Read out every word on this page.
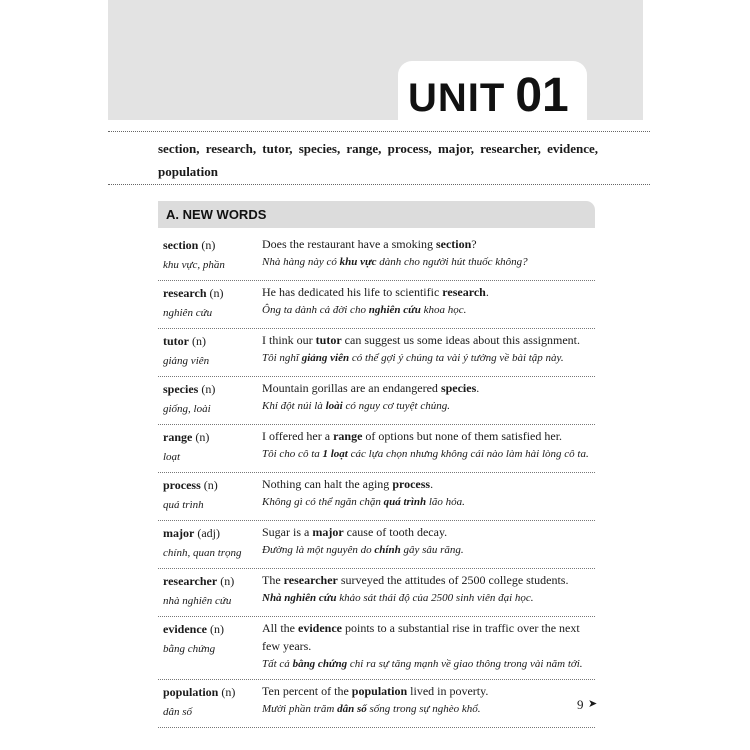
UNIT 01

section, research, tutor, species, range, process, major, researcher, evidence, population

A. NEW WORDS
section (n)
khu vực, phần
Does the restaurant have a smoking section?
Nhà hàng này có khu vực dành cho người hút thuốc không?
research (n)
nghiên cứu
He has dedicated his life to scientific research.
Ông ta dành cả đời cho nghiên cứu khoa học.
tutor (n)
giảng viên
I think our tutor can suggest us some ideas about this assignment.
Tôi nghĩ giảng viên có thể gợi ý chúng ta vài ý tưởng về bài tập này.
species (n)
giống, loài
Mountain gorillas are an endangered species.
Khỉ đột núi là loài có nguy cơ tuyệt chủng.
range (n)
loạt
I offered her a range of options but none of them satisfied her.
Tôi cho cô ta 1 loạt các lựa chọn nhưng không cái nào làm hài lòng cô ta.
process (n)
quá trình
Nothing can halt the aging process.
Không gì có thể ngăn chặn quá trình lão hóa.
major (adj)
chính, quan trọng
Sugar is a major cause of tooth decay.
Đường là một nguyên do chính gây sâu răng.
researcher (n)
nhà nghiên cứu
The researcher surveyed the attitudes of 2500 college students.
Nhà nghiên cứu khảo sát thái độ của 2500 sinh viên đại học.
evidence (n)
bằng chứng
All the evidence points to a substantial rise in traffic over the next few years.
Tất cả bằng chứng chỉ ra sự tăng mạnh về giao thông trong vài năm tới.
population (n)
dân số
Ten percent of the population lived in poverty.
Mười phần trăm dân số sống trong sự nghèo khổ.	9 ➤
